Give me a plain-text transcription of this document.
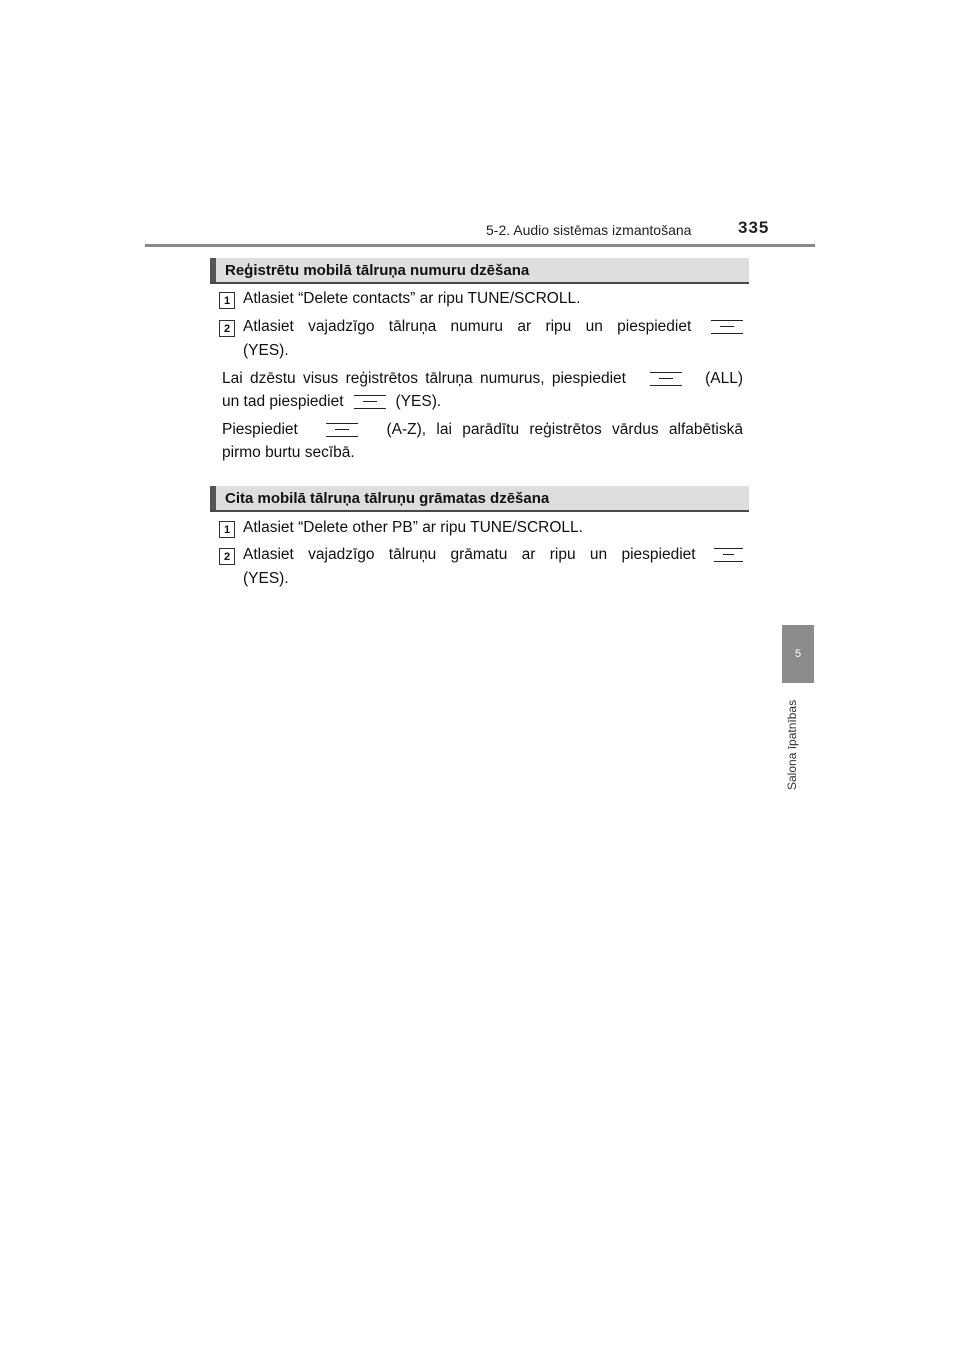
5-2. Audio sistēmas izmantošana	335
5
Salona īpatnības
Reģistrētu mobilā tālruņa numuru dzēšana
1 Atlasiet “Delete contacts” ar ripu TUNE/SCROLL.
2 Atlasiet vajadzīgo tālruņa numuru ar ripu un piespiediet
(YES).
Lai dzēstu visus reģistrētos tālruņa numurus, piespiediet	(ALL)
un tad piespiediet	(YES).
Piespiediet	(A-Z), lai parādītu reģistrētos vārdus alfabētiskā
pirmo burtu secībā.
Cita mobilā tālruņa tālruņu grāmatas dzēšana
1 Atlasiet “Delete other PB” ar ripu TUNE/SCROLL.
2 Atlasiet vajadzīgo tālruņu grāmatu ar ripu un piespiediet
(YES).
